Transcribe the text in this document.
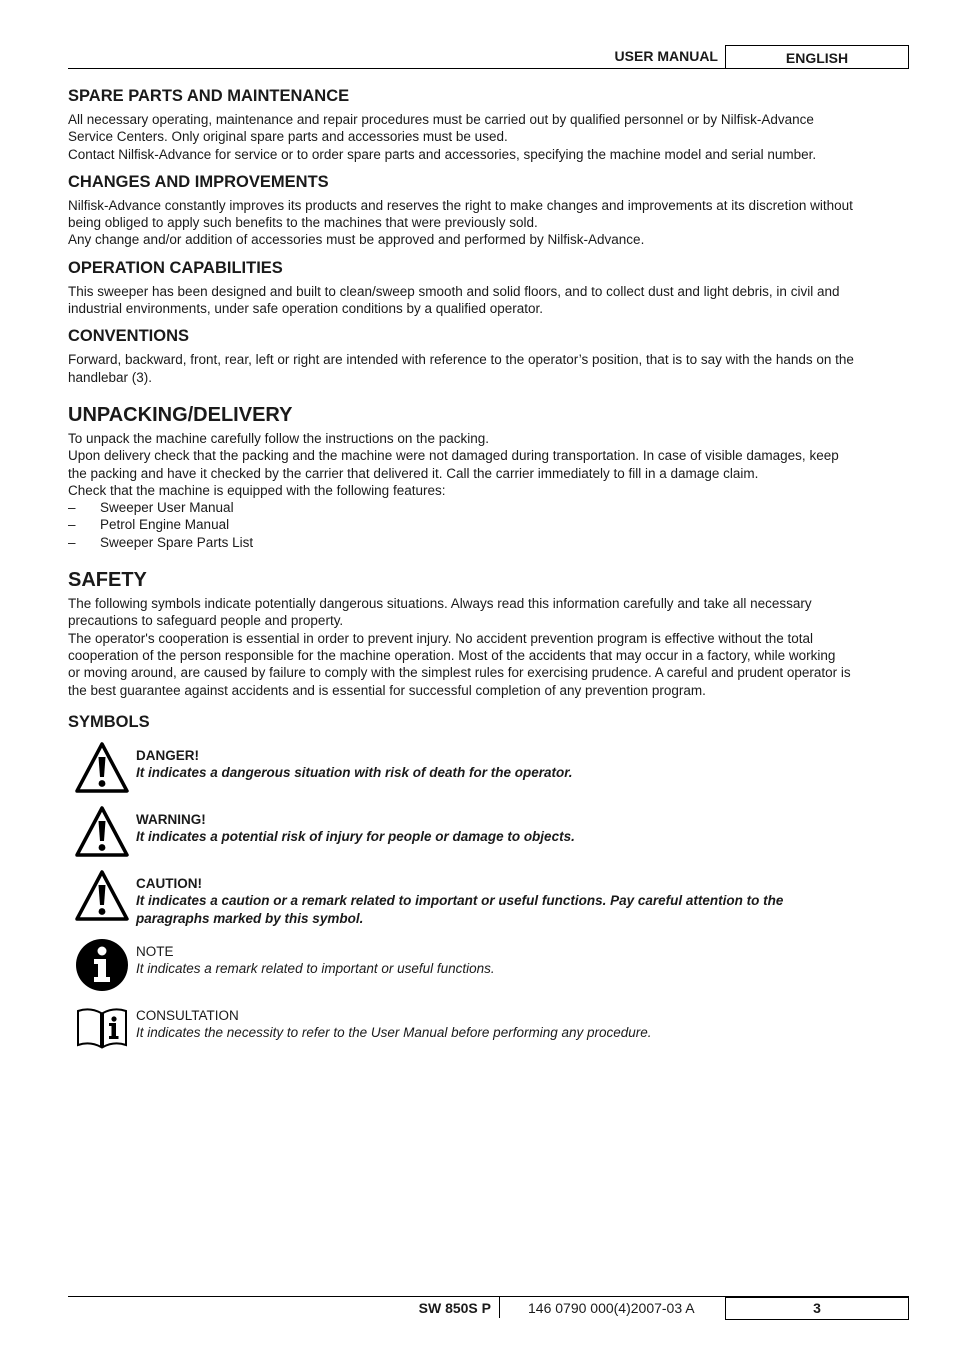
USER MANUAL	ENGLISH
SPARE PARTS AND MAINTENANCE

All necessary operating, maintenance and repair procedures must be carried out by qualified personnel or by Nilfisk-Advance

Service Centers. Only original spare parts and accessories must be used.

Contact Nilfisk-Advance for service or to order spare parts and accessories, specifying the machine model and serial number.

CHANGES AND IMPROVEMENTS

Nilfisk-Advance constantly improves its products and reserves the right to make changes and improvements at its discretion without

being obliged to apply such benefits to the machines that were previously sold.

Any change and/or addition of accessories must be approved and performed by Nilfisk-Advance.

OPERATION CAPABILITIES

This sweeper has been designed and built to clean/sweep smooth and solid floors, and to collect dust and light debris, in civil and

industrial environments, under safe operation conditions by a qualified operator.

CONVENTIONS

Forward, backward, front, rear, left or right are intended with reference to the operator’s position, that is to say with the hands on the

handlebar (3).

UNPACKING/DELIVERY

To unpack the machine carefully follow the instructions on the packing.

Upon delivery check that the packing and the machine were not damaged during transportation. In case of visible damages, keep

the packing and have it checked by the carrier that delivered it. Call the carrier immediately to fill in a damage claim.

Check that the machine is equipped with the following features:

– Sweeper User Manual
– Petrol Engine Manual
– Sweeper Spare Parts List
SAFETY

The following symbols indicate potentially dangerous situations. Always read this information carefully and take all necessary

precautions to safeguard people and property.

The operator's cooperation is essential in order to prevent injury. No accident prevention program is effective without the total

cooperation of the person responsible for the machine operation. Most of the accidents that may occur in a factory, while working

or moving around, are caused by failure to comply with the simplest rules for exercising prudence. A careful and prudent operator is

the best guarantee against accidents and is essential for successful completion of any prevention program.

SYMBOLS
DANGER!
It indicates a dangerous situation with risk of death for the operator.
WARNING!
It indicates a potential risk of injury for people or damage to objects.
CAUTION!
It indicates a caution or a remark related to important or useful functions. Pay careful attention to the
paragraphs marked by this symbol.
NOTE
It indicates a remark related to important or useful functions.
CONSULTATION
It indicates the necessity to refer to the User Manual before performing any procedure.
SW 850S P	146 0790 000(4)2007-03 A	3
